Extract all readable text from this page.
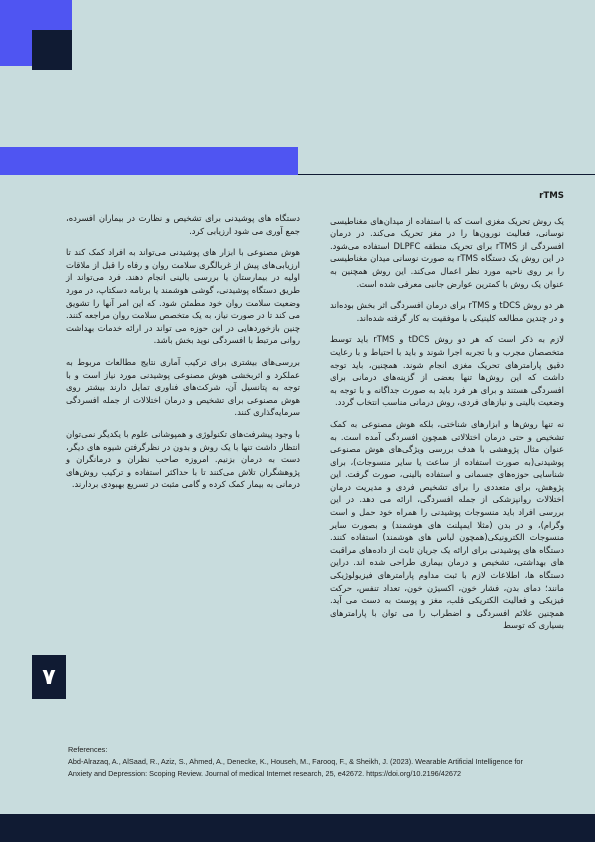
rTMS

یک روش تحریک مغزی است که با استفاده از میدان‌های مغناطیسی نوسانی، فعالیت نورون‌ها را در مغز تحریک می‌کند. در درمان افسردگی از rTMS برای تحریک منطقه DLPFC استفاده می‌شود. در این روش یک دستگاه rTMS به صورت نوسانی میدان مغناطیسی را بر روی ناحیه مورد نظر اعمال می‌کند. این روش همچنین به عنوان یک روش با کمترین عوارض جانبی معرفی شده است.

هر دو روش tDCS و rTMS برای درمان افسردگی اثر بخش بوده‌اند و در چندین مطالعه کلینیکی با موفقیت به کار گرفته شده‌اند.

لازم به ذکر است که هر دو روش tDCS و rTMS باید توسط متخصصان مجرب و با تجربه اجرا شوند و باید با احتیاط و با رعایت دقیق پارامترهای تحریک مغزی انجام شوند. همچنین، باید توجه داشت که این روش‌ها تنها بعضی از گزینه‌های درمانی برای افسردگی هستند و برای هر فرد باید به صورت جداگانه و با توجه به وضعیت بالینی و نیازهای فردی، روش درمانی مناسب انتخاب گردد.

نه تنها روش‌ها و ابزارهای شناختی، بلکه هوش مصنوعی به کمک تشخیص و حتی درمان اختلالاتی همچون افسردگی آمده است. به عنوان مثال پژوهشی با هدف بررسی ویژگی‌های هوش مصنوعی پوشیدنی(به صورت استفاده از ساعت یا سایر منسوجات)، برای شناسایی حوزه‌های جسمانی و استفاده بالینی، صورت گرفت. این پژوهش، برای متعددی را برای تشخیص فردی و مدیریت درمان اختلالات روانپزشکی از جمله افسردگی، ارائه می دهد. در این بررسی افراد باید منسوجات پوشیدنی را همراه خود حمل و است وگرام)، و در بدن (مثلا ایمپلنت های هوشمند) و بصورت سایر منسوجات الکترونیکی(همچون لباس های هوشمند) استفاده کنند. دستگاه های پوشیدنی برای ارائه یک جریان ثابت از داده‌های مراقبت های بهداشتی، تشخیص و درمان بیماری طراحی شده اند. دراین دستگاه ها، اطلاعات لازم با ثبت مداوم پارامترهای فیزیولوژیکی مانند؛ دمای بدن، فشار خون، اکسیژن خون، تعداد تنفس، حرکت فیزیکی و فعالیت الکتریکی قلب، مغز و پوست به دست می آید. همچنین علائم افسردگی و اضطراب را می توان با پارامترهای بسیاری که توسط

دستگاه های پوشیدنی برای تشخیص و نظارت در بیماران افسرده، جمع آوری می شود ارزیابی کرد.

هوش مصنوعی با ابزار های پوشیدنی می‌تواند به افراد کمک کند تا ارزیابی‌های پیش از غربالگری سلامت روان و رفاه را قبل از ملاقات اولیه در بیمارستان یا بررسی بالینی انجام دهند. فرد می‌تواند از طریق دستگاه پوشیدنی، گوشی هوشمند یا برنامه دسکتاپ، در مورد وضعیت سلامت روان خود مطمئن شود. که این امر آنها را تشویق می کند تا در صورت نیاز، به یک متخصص سلامت روان مراجعه کنند. چنین بازخوردهایی در این حوزه می تواند در ارائه خدمات بهداشت روانی مرتبط با افسردگی نوید بخش باشد.

بررسی‌های بیشتری برای ترکیب آماری نتایج مطالعات مربوط به عملکرد و اثربخشی هوش مصنوعی پوشیدنی مورد نیاز است و با توجه به پتانسیل آن، شرکت‌های فناوری تمایل دارند بیشتر روی هوش مصنوعی برای تشخیص و درمان اختلالات از جمله افسردگی سرمایه‌گذاری کنند.

با وجود پیشرفت‌های تکنولوژی و همپوشانی علوم با یکدیگر نمی‌توان انتظار داشت تنها با یک روش و بدون در نظرگرفتن شیوه های دیگر، دست به درمان بزنیم. امروزه صاحب نظران و درمانگران و پژوهشگران تلاش می‌کنند تا با حداکثر استفاده و ترکیب روش‌های درمانی به بیمار کمک کرده و گامی مثبت در تسریع بهبودی بردارند.

۷
References:
Abd-Alrazaq, A., AlSaad, R., Aziz, S., Ahmed, A., Denecke, K., Househ, M., Farooq, F., & Sheikh, J. (2023). Wearable Artificial Intelligence for Anxiety and Depression: Scoping Review. Journal of medical Internet research, 25, e42672. https://doi.org/10.2196/42672
